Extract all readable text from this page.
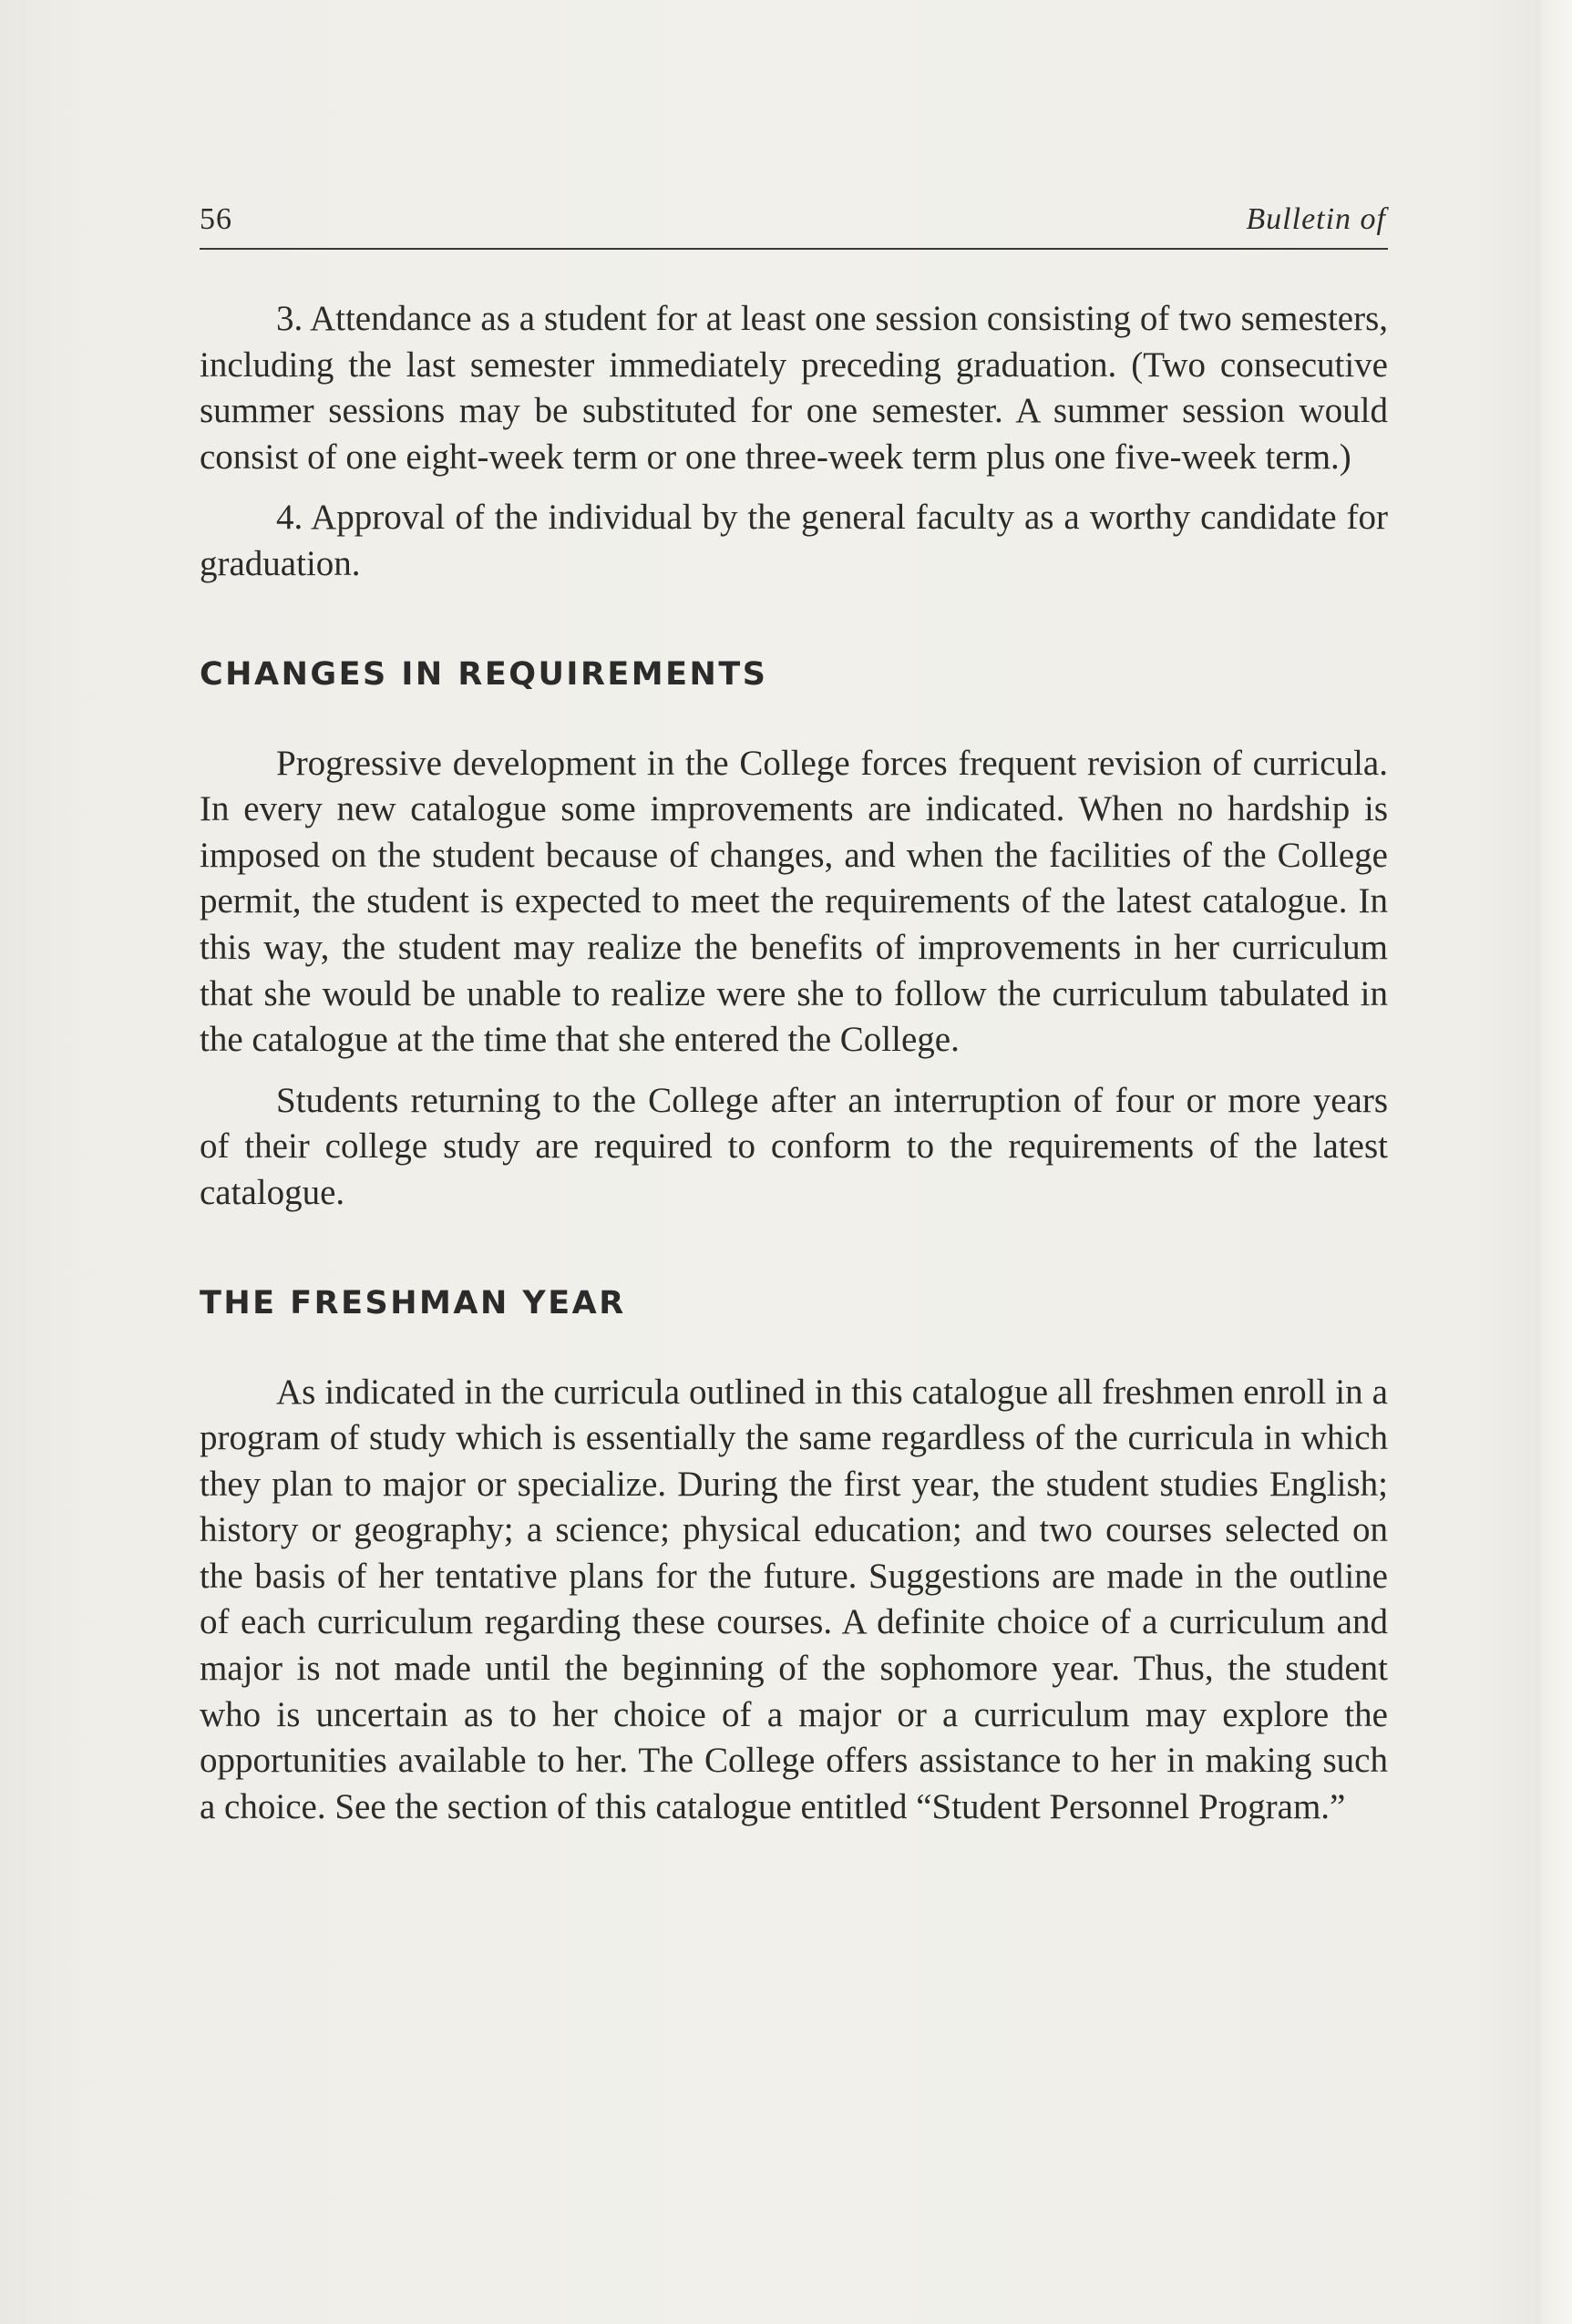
56	Bulletin of

3. Attendance as a student for at least one session consisting of two semesters, including the last semester immediately preceding graduation. (Two consecutive summer sessions may be substituted for one semester. A summer session would consist of one eight-week term or one three-week term plus one five-week term.)

4. Approval of the individual by the general faculty as a worthy candidate for graduation.

CHANGES IN REQUIREMENTS

Progressive development in the College forces frequent revision of curricula. In every new catalogue some improvements are indicated. When no hardship is imposed on the student because of changes, and when the facilities of the College permit, the student is expected to meet the requirements of the latest catalogue. In this way, the student may realize the benefits of improvements in her curriculum that she would be unable to realize were she to follow the curriculum tabulated in the catalogue at the time that she entered the College.

Students returning to the College after an interruption of four or more years of their college study are required to conform to the requirements of the latest catalogue.

THE FRESHMAN YEAR

As indicated in the curricula outlined in this catalogue all freshmen enroll in a program of study which is essentially the same regardless of the curricula in which they plan to major or specialize. During the first year, the student studies English; history or geography; a science; physical education; and two courses selected on the basis of her tentative plans for the future. Suggestions are made in the outline of each curriculum regarding these courses. A definite choice of a curriculum and major is not made until the beginning of the sophomore year. Thus, the student who is uncertain as to her choice of a major or a curriculum may explore the opportunities available to her. The College offers assistance to her in making such a choice. See the section of this catalogue entitled “Student Personnel Program.”
